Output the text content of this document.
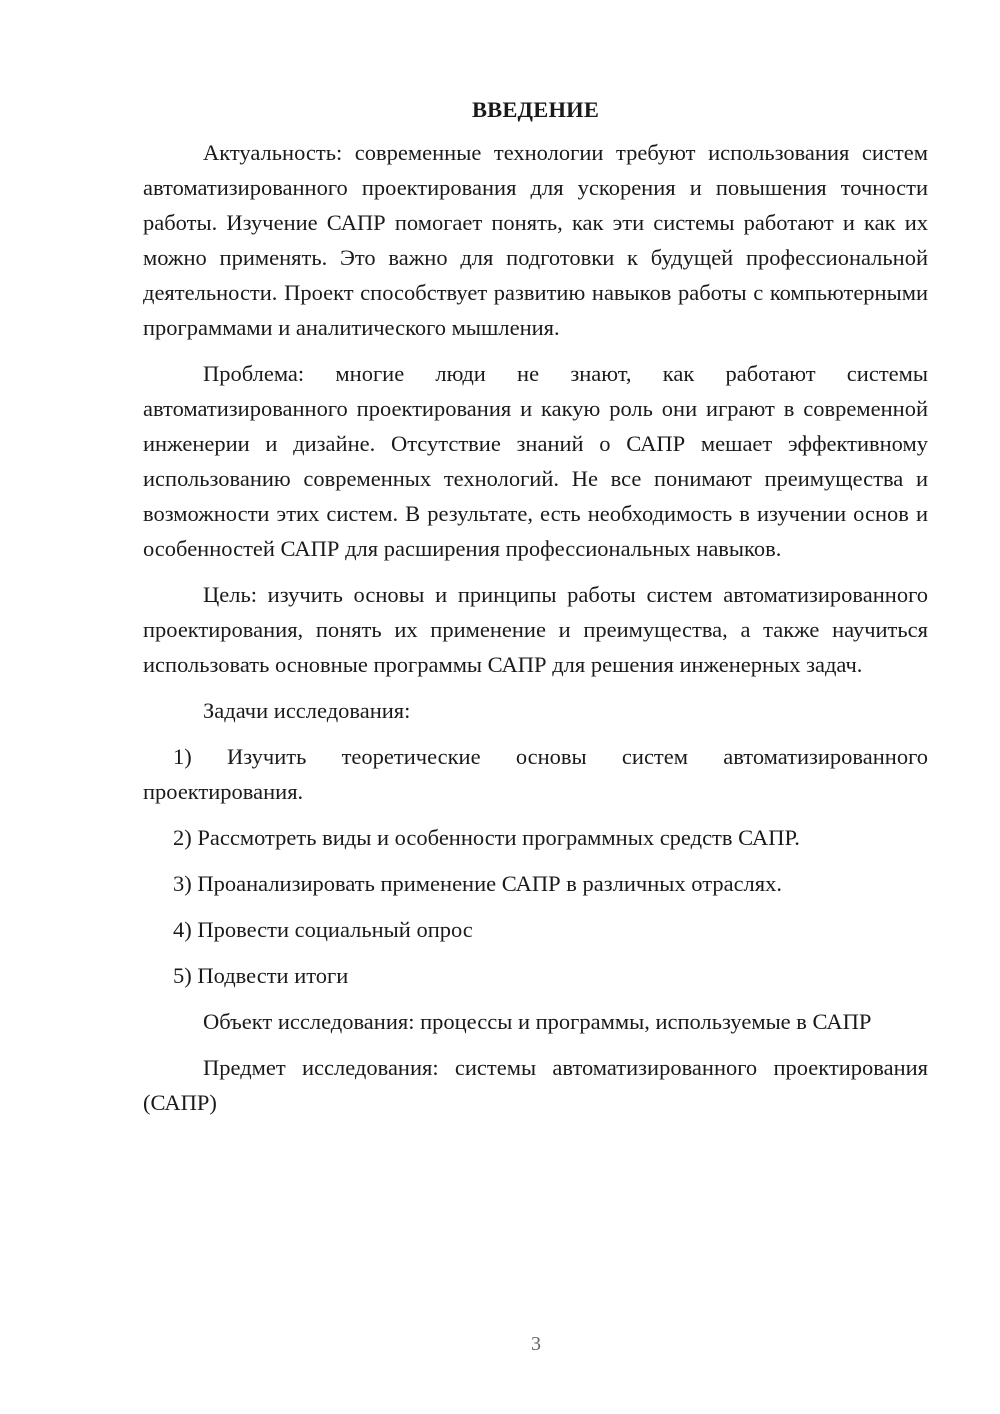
ВВЕДЕНИЕ

Актуальность: современные технологии требуют использования систем автоматизированного проектирования для ускорения и повышения точности работы. Изучение САПР помогает понять, как эти системы работают и как их можно применять. Это важно для подготовки к будущей профессиональной деятельности. Проект способствует развитию навыков работы с компьютерными программами и аналитического мышления.

Проблема: многие люди не знают, как работают системы автоматизированного проектирования и какую роль они играют в современной инженерии и дизайне. Отсутствие знаний о САПР мешает эффективному использованию современных технологий. Не все понимают преимущества и возможности этих систем. В результате, есть необходимость в изучении основ и особенностей САПР для расширения профессиональных навыков.

Цель: изучить основы и принципы работы систем автоматизированного проектирования, понять их применение и преимущества, а также научиться использовать основные программы САПР для решения инженерных задач.

Задачи исследования:

1) Изучить теоретические основы систем автоматизированного проектирования.

2) Рассмотреть виды и особенности программных средств САПР.

3) Проанализировать применение САПР в различных отраслях.

4) Провести социальный опрос

5) Подвести итоги

Объект исследования: процессы и программы, используемые в САПР

Предмет исследования: системы автоматизированного проектирования (САПР)

3
